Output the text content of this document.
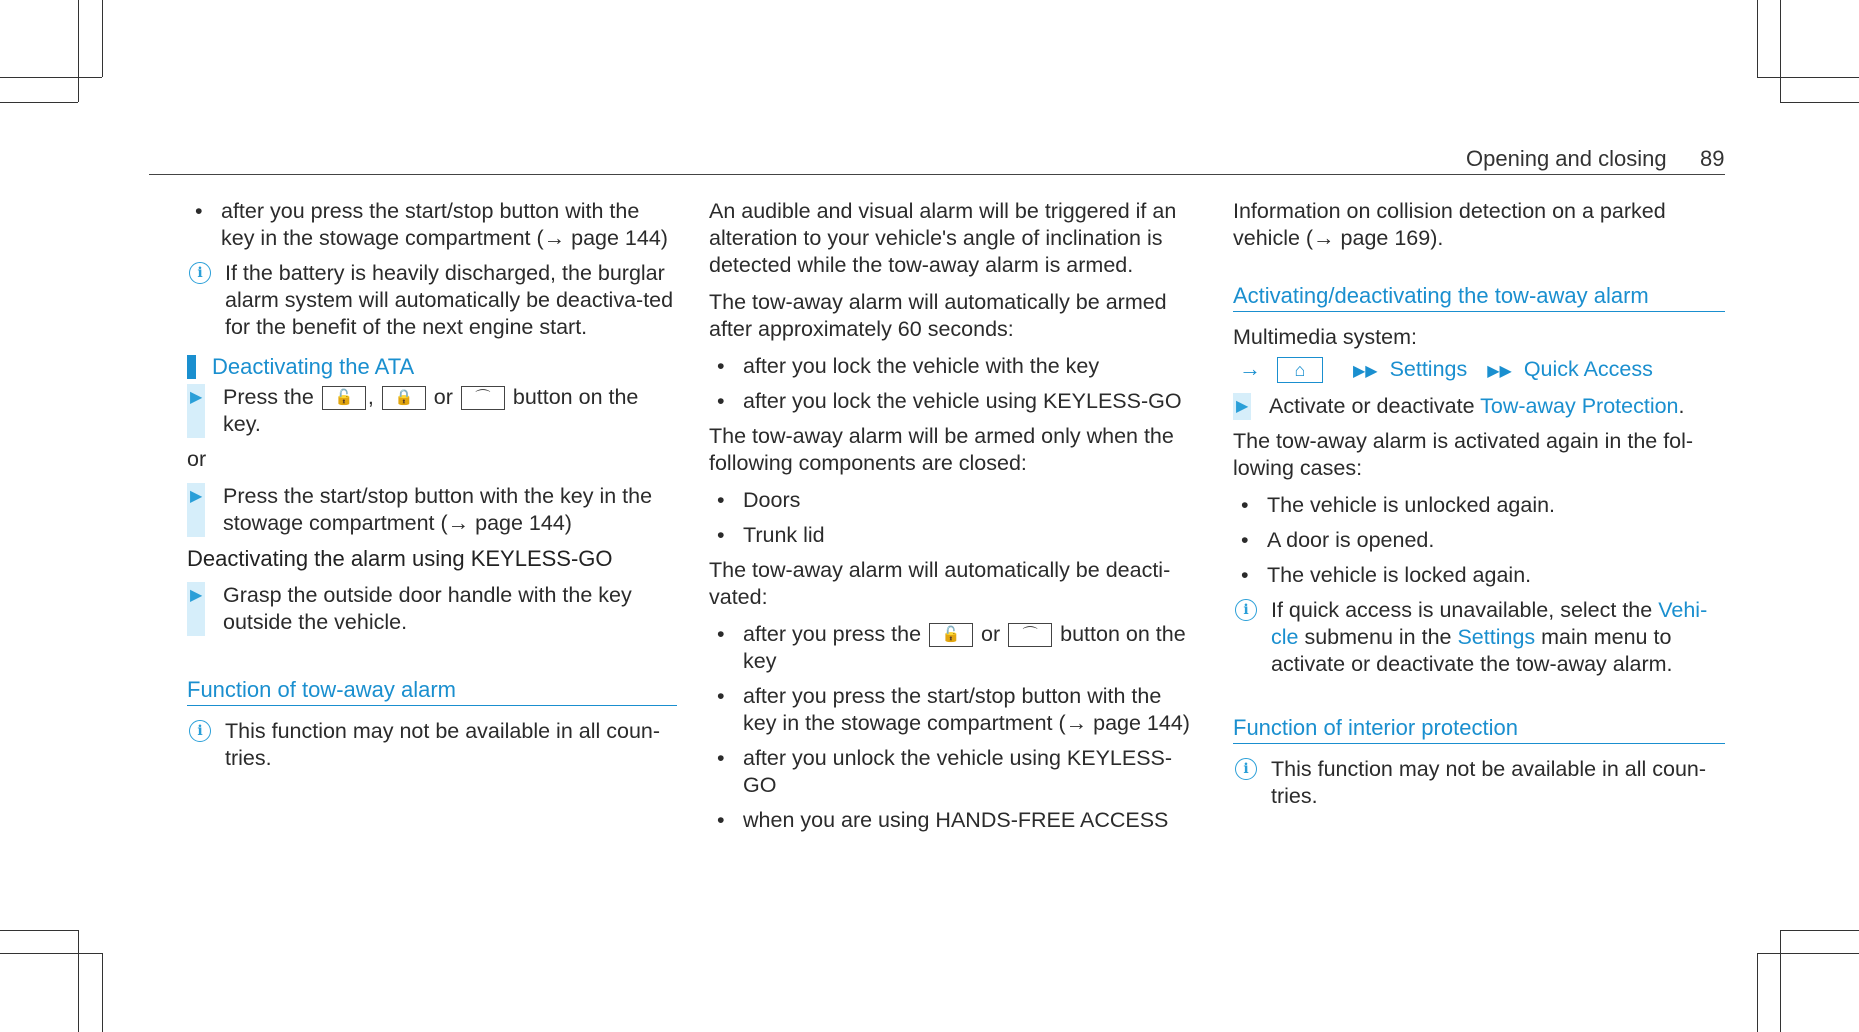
Opening and closing 89
• after you press the start/stop button with the key in the stowage compartment (→ page 144)
i	If the battery is heavily discharged, the burglar alarm system will automatically be deactiva-ted for the benefit of the next engine start.
Deactivating the ATA
▶ Press the 🔓 , 🔒 or ⌒ button on the key.
or
▶ Press the start/stop button with the key in the stowage compartment (→ page 144)
Deactivating the alarm using KEYLESS-GO
▶ Grasp the outside door handle with the key outside the vehicle.
Function of tow-away alarm
i	This function may not be available in all coun-tries.

An audible and visual alarm will be triggered if an alteration to your vehicle's angle of inclination is detected while the tow-away alarm is armed.

The tow-away alarm will automatically be armed after approximately 60 seconds:

• after you lock the vehicle with the key
• after you lock the vehicle using KEYLESS-GO

The tow-away alarm will be armed only when the following components are closed:

• Doors
• Trunk lid

The tow-away alarm will automatically be deacti-vated:

• after you press the 🔓 or ⌒ button on the key
• after you press the start/stop button with the key in the stowage compartment (→ page 144)
• after you unlock the vehicle using KEYLESS-GO
• when you are using HANDS-FREE ACCESS

Information on collision detection on a parked vehicle (→ page 169).

Activating/deactivating the tow-away alarm

Multimedia system:

→ ⌂	▶▶ Settings ▶▶ Quick Access
▶ Activate or deactivate Tow-away Protection.

The tow-away alarm is activated again in the fol-lowing cases:

• The vehicle is unlocked again.
• A door is opened.
• The vehicle is locked again.
i	If quick access is unavailable, select the Vehi-cle submenu in the Settings main menu to activate or deactivate the tow-away alarm.
Function of interior protection
i	This function may not be available in all coun-tries.
